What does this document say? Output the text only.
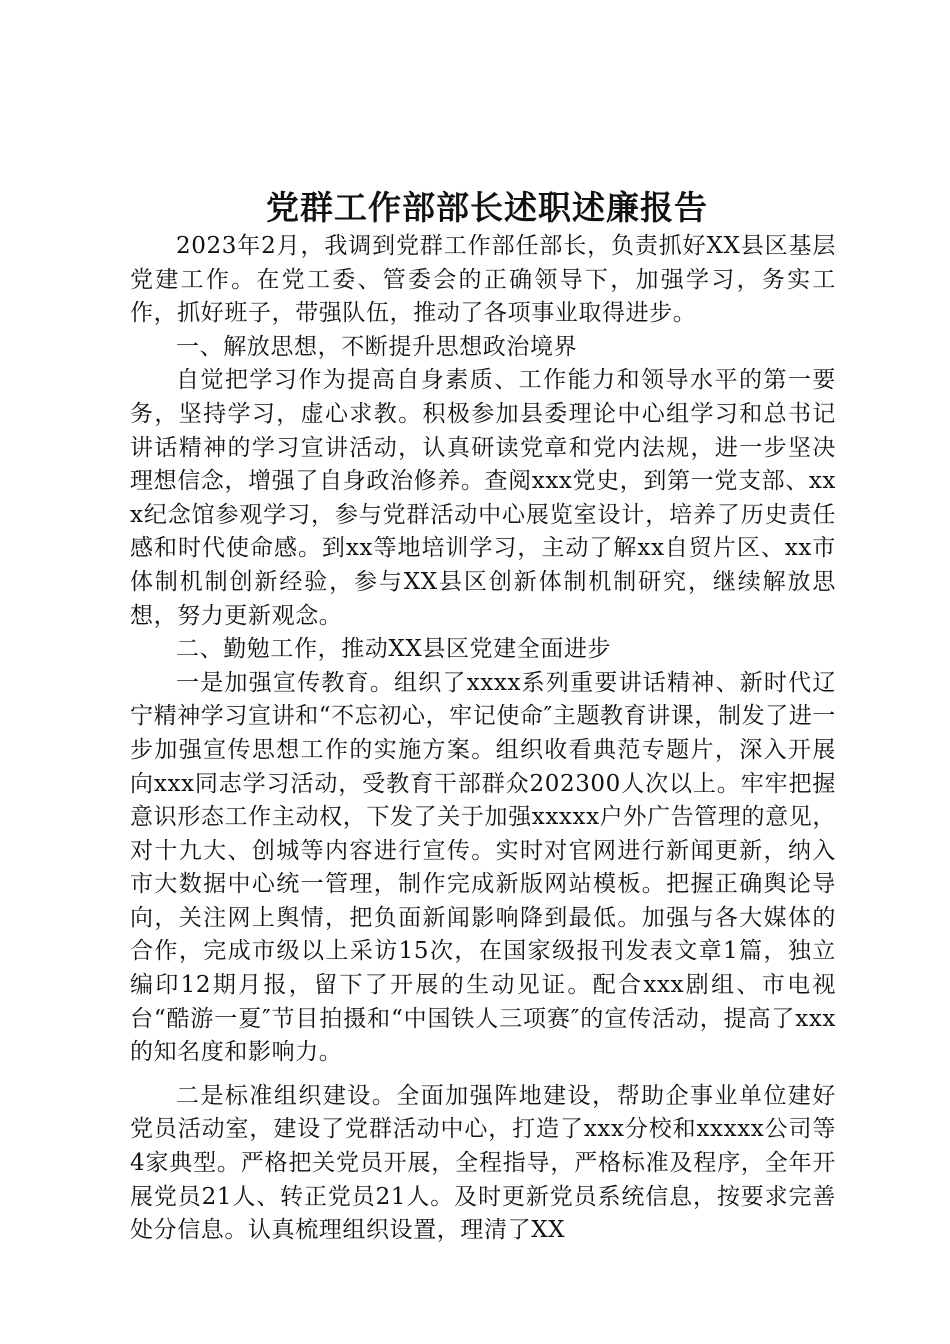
党群工作部部长述职述廉报告

2023年2月，我调到党群工作部任部长，负责抓好XX县区基层党建工作。在党工委、管委会的正确领导下，加强学习，务实工作，抓好班子，带强队伍，推动了各项事业取得进步。

一、解放思想，不断提升思想政治境界

自觉把学习作为提高自身素质、工作能力和领导水平的第一要务，坚持学习，虚心求教。积极参加县委理论中心组学习和总书记讲话精神的学习宣讲活动，认真研读党章和党内法规，进一步坚决理想信念，增强了自身政治修养。查阅xxx党史，到第一党支部、xxx纪念馆参观学习，参与党群活动中心展览室设计，培养了历史责任感和时代使命感。到xx等地培训学习，主动了解xx自贸片区、xx市体制机制创新经验，参与XX县区创新体制机制研究，继续解放思想，努力更新观念。

二、勤勉工作，推动XX县区党建全面进步

一是加强宣传教育。组织了xxxx系列重要讲话精神、新时代辽宁精神学习宣讲和“不忘初心，牢记使命″主题教育讲课，制发了进一步加强宣传思想工作的实施方案。组织收看典范专题片，深入开展向xxx同志学习活动，受教育干部群众202300人次以上。牢牢把握意识形态工作主动权，下发了关于加强xxxxx户外广告管理的意见，对十九大、创城等内容进行宣传。实时对官网进行新闻更新，纳入市大数据中心统一管理，制作完成新版网站模板。把握正确舆论导向，关注网上舆情，把负面新闻影响降到最低。加强与各大媒体的合作，完成市级以上采访15次，在国家级报刊发表文章1篇，独立编印12期月报，留下了开展的生动见证。配合xxx剧组、市电视台“酷游一夏″节目拍摄和“中国铁人三项赛″的宣传活动，提高了xxx的知名度和影响力。

二是标准组织建设。全面加强阵地建设，帮助企事业单位建好党员活动室，建设了党群活动中心，打造了xxx分校和xxxxx公司等4家典型。严格把关党员开展，全程指导，严格标准及程序，全年开展党员21人、转正党员21人。及时更新党员系统信息，按要求完善处分信息。认真梳理组织设置，理清了XX
